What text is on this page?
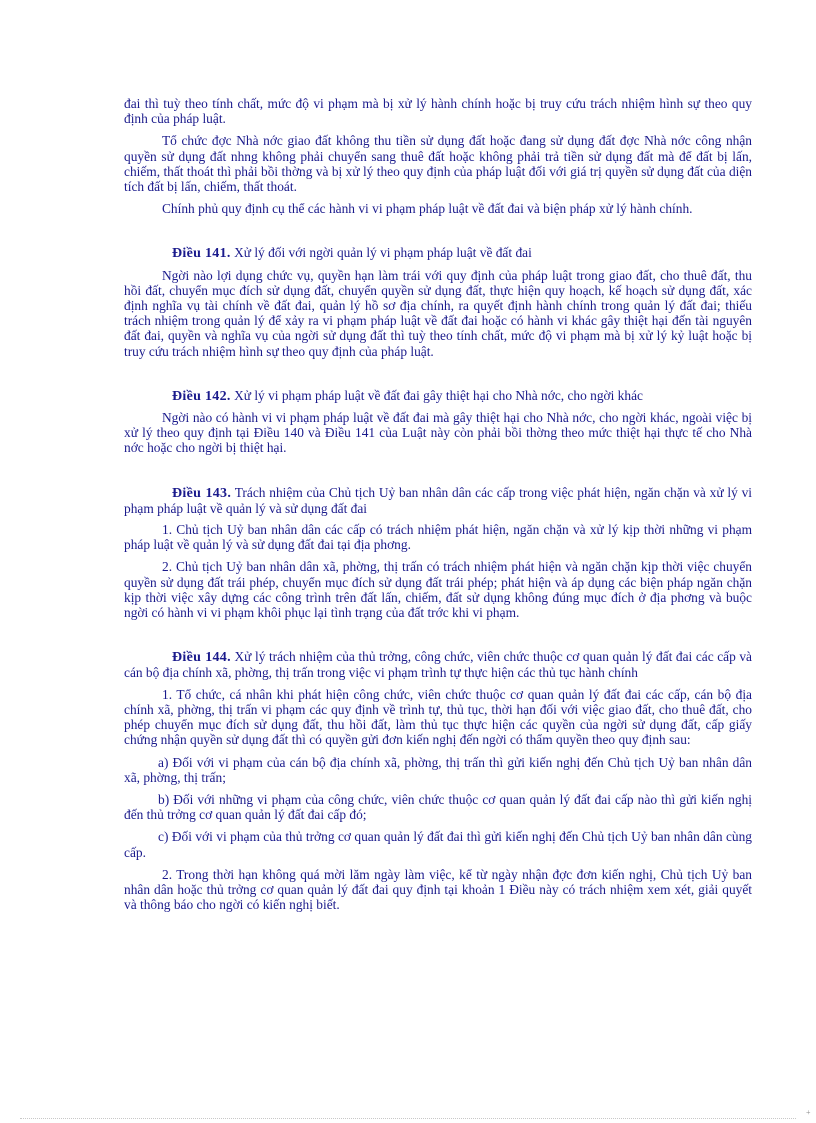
đai thì tuỳ theo tính chất, mức độ vi phạm mà bị xử lý hành chính hoặc bị truy cứu trách nhiệm hình sự theo quy định của pháp luật.

Tổ chức đợc Nhà nớc giao đất không thu tiền sử dụng đất hoặc đang sử dụng đất đợc Nhà nớc công nhận quyền sử dụng đất nhng không phải chuyển sang thuê đất hoặc không phải trả tiền sử dụng đất mà để đất bị lấn, chiếm, thất thoát thì phải bồi thờng và bị xử lý theo quy định của pháp luật đối với giá trị quyền sử dụng đất của diện tích đất bị lấn, chiếm, thất thoát.

Chính phủ quy định cụ thể các hành vi vi phạm pháp luật về đất đai và biện pháp xử lý hành chính.

Điều 141. Xử lý đối với ngời quản lý vi phạm pháp luật về đất đai

Ngời nào lợi dụng chức vụ, quyền hạn làm trái với quy định của pháp luật trong giao đất, cho thuê đất, thu hồi đất, chuyển mục đích sử dụng đất, chuyển quyền sử dụng đất, thực hiện quy hoạch, kế hoạch sử dụng đất, xác định nghĩa vụ tài chính về đất đai, quản lý hồ sơ địa chính, ra quyết định hành chính trong quản lý đất đai; thiếu trách nhiệm trong quản lý để xảy ra vi phạm pháp luật về đất đai hoặc có hành vi khác gây thiệt hại đến tài nguyên đất đai, quyền và nghĩa vụ của ngời sử dụng đất thì tuỳ theo tính chất, mức độ vi phạm mà bị xử lý kỷ luật hoặc bị truy cứu trách nhiệm hình sự theo quy định của pháp luật.

Điều 142. Xử lý vi phạm pháp luật về đất đai gây thiệt hại cho Nhà nớc, cho ngời khác

Ngời nào có hành vi vi phạm pháp luật về đất đai mà gây thiệt hại cho Nhà nớc, cho ngời khác, ngoài việc bị xử lý theo quy định tại Điều 140 và Điều 141 của Luật này còn phải bồi thờng theo mức thiệt hại thực tế cho Nhà nớc hoặc cho ngời bị thiệt hại.

Điều 143. Trách nhiệm của Chủ tịch Uỷ ban nhân dân các cấp trong việc phát hiện, ngăn chặn và xử lý vi phạm pháp luật về quản lý và sử dụng đất đai

1. Chủ tịch Uỷ ban nhân dân các cấp có trách nhiệm phát hiện, ngăn chặn và xử lý kịp thời những vi phạm pháp luật về quản lý và sử dụng đất đai tại địa phơng.

2. Chủ tịch Uỷ ban nhân dân xã, phờng, thị trấn có trách nhiệm phát hiện và ngăn chặn kịp thời việc chuyển quyền sử dụng đất trái phép, chuyển mục đích sử dụng đất trái phép; phát hiện và áp dụng các biện pháp ngăn chặn kịp thời việc xây dựng các công trình trên đất lấn, chiếm, đất sử dụng không đúng mục đích ở địa phơng và buộc ngời có hành vi vi phạm khôi phục lại tình trạng của đất trớc khi vi phạm.

Điều 144. Xử lý trách nhiệm của thủ trởng, công chức, viên chức thuộc cơ quan quản lý đất đai các cấp và cán bộ địa chính xã, phờng, thị trấn trong việc vi phạm trình tự thực hiện các thủ tục hành chính

1. Tổ chức, cá nhân khi phát hiện công chức, viên chức thuộc cơ quan quản lý đất đai các cấp, cán bộ địa chính xã, phờng, thị trấn vi phạm các quy định về trình tự, thủ tục, thời hạn đối với việc giao đất, cho thuê đất, cho phép chuyển mục đích sử dụng đất, thu hồi đất, làm thủ tục thực hiện các quyền của ngời sử dụng đất, cấp giấy chứng nhận quyền sử dụng đất thì có quyền gửi đơn kiến nghị đến ngời có thẩm quyền theo quy định sau:

a) Đối với vi phạm của cán bộ địa chính xã, phờng, thị trấn thì gửi kiến nghị đến Chủ tịch Uỷ ban nhân dân xã, phờng, thị trấn;

b) Đối với những vi phạm của công chức, viên chức thuộc cơ quan quản lý đất đai cấp nào thì gửi kiến nghị đến thủ trởng cơ quan quản lý đất đai cấp đó;

c) Đối với vi phạm của thủ trởng cơ quan quản lý đất đai thì gửi kiến nghị đến Chủ tịch Uỷ ban nhân dân cùng cấp.

2. Trong thời hạn không quá mời lăm ngày làm việc, kể từ ngày nhận đợc đơn kiến nghị, Chủ tịch Uỷ ban nhân dân hoặc thủ trởng cơ quan quản lý đất đai quy định tại khoản 1 Điều này có trách nhiệm xem xét, giải quyết và thông báo cho ngời có kiến nghị biết.

+
